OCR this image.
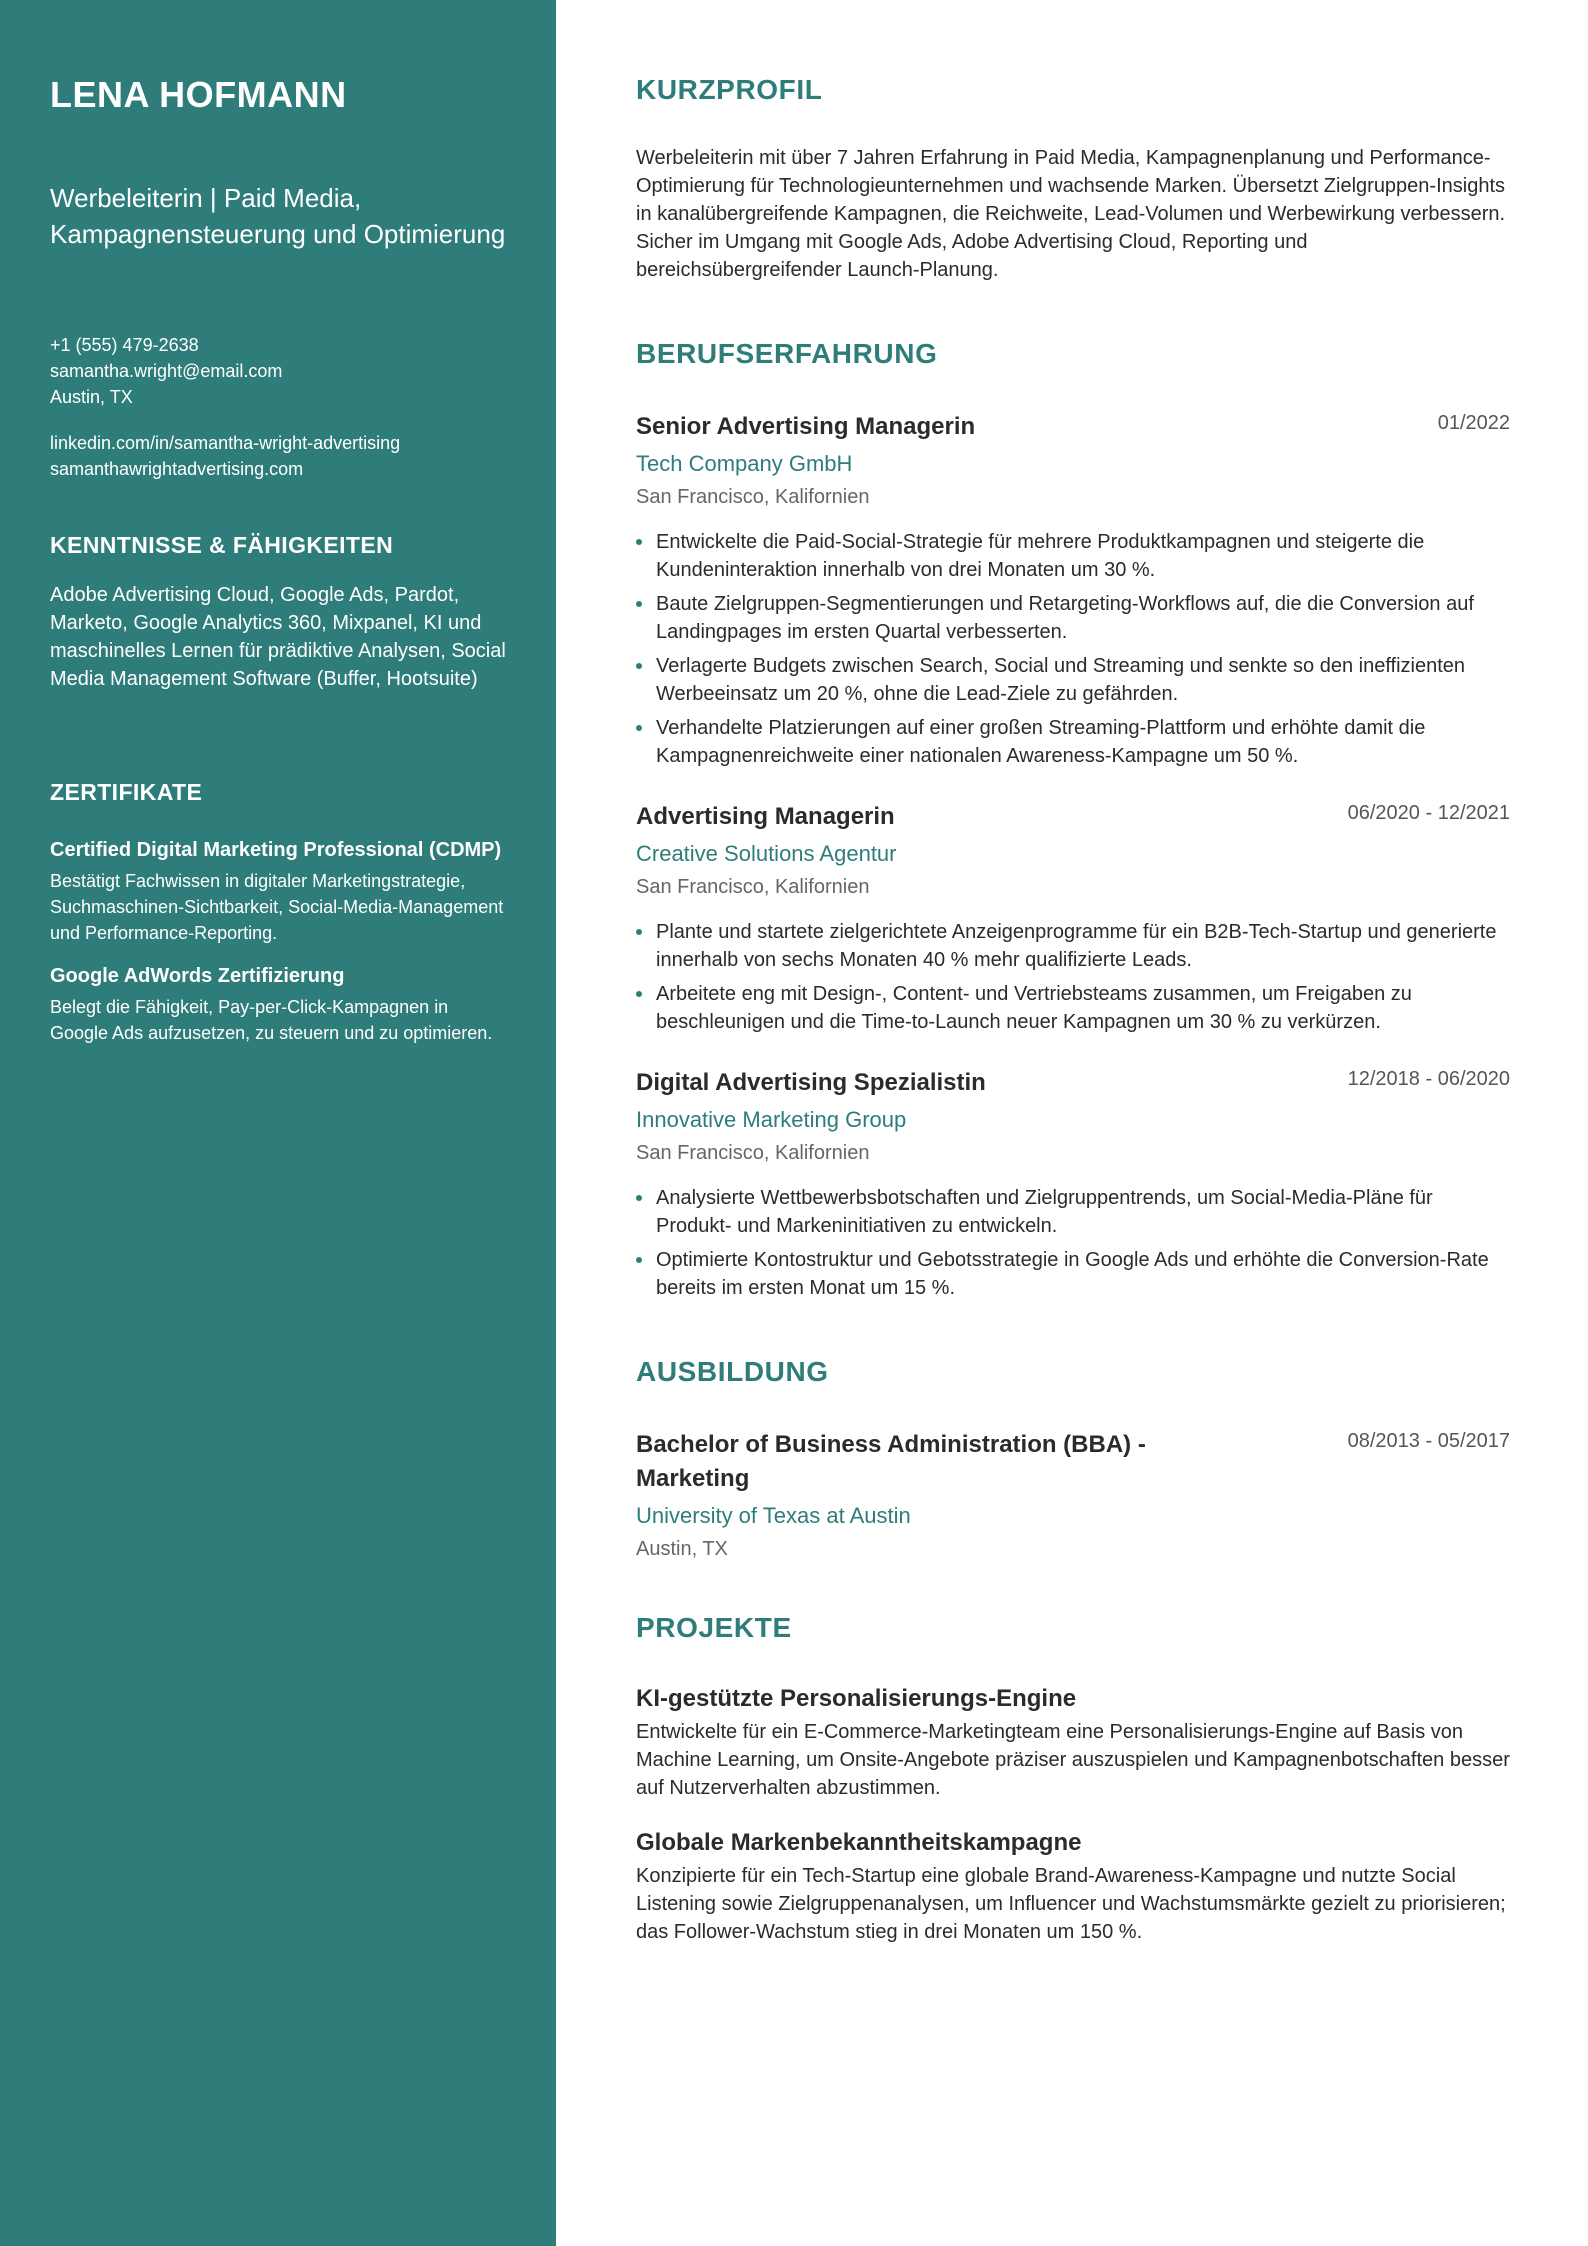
LENA HOFMANN
Werbeleiterin | Paid Media, Kampagnensteuerung und Optimierung
+1 (555) 479-2638
samantha.wright@email.com
Austin, TX
linkedin.com/in/samantha-wright-advertising
samanthawrightadvertising.com
KENNTNISSE & FÄHIGKEITEN
Adobe Advertising Cloud, Google Ads, Pardot, Marketo, Google Analytics 360, Mixpanel, KI und maschinelles Lernen für prädiktive Analysen, Social Media Management Software (Buffer, Hootsuite)
ZERTIFIKATE
Certified Digital Marketing Professional (CDMP)
Bestätigt Fachwissen in digitaler Marketingstrategie, Suchmaschinen-Sichtbarkeit, Social-Media-Management und Performance-Reporting.
Google AdWords Zertifizierung
Belegt die Fähigkeit, Pay-per-Click-Kampagnen in Google Ads aufzusetzen, zu steuern und zu optimieren.
KURZPROFIL
Werbeleiterin mit über 7 Jahren Erfahrung in Paid Media, Kampagnenplanung und Performance-Optimierung für Technologieunternehmen und wachsende Marken. Übersetzt Zielgruppen-Insights in kanalübergreifende Kampagnen, die Reichweite, Lead-Volumen und Werbewirkung verbessern. Sicher im Umgang mit Google Ads, Adobe Advertising Cloud, Reporting und bereichsübergreifender Launch-Planung.
BERUFSERFAHRUNG
Senior Advertising Managerin	01/2022
Tech Company GmbH
San Francisco, Kalifornien
Entwickelte die Paid-Social-Strategie für mehrere Produktkampagnen und steigerte die Kundeninteraktion innerhalb von drei Monaten um 30 %.
Baute Zielgruppen-Segmentierungen und Retargeting-Workflows auf, die die Conversion auf Landingpages im ersten Quartal verbesserten.
Verlagerte Budgets zwischen Search, Social und Streaming und senkte so den ineffizienten Werbeeinsatz um 20 %, ohne die Lead-Ziele zu gefährden.
Verhandelte Platzierungen auf einer großen Streaming-Plattform und erhöhte damit die Kampagnenreichweite einer nationalen Awareness-Kampagne um 50 %.
Advertising Managerin	06/2020 - 12/2021
Creative Solutions Agentur
San Francisco, Kalifornien
Plante und startete zielgerichtete Anzeigenprogramme für ein B2B-Tech-Startup und generierte innerhalb von sechs Monaten 40 % mehr qualifizierte Leads.
Arbeitete eng mit Design-, Content- und Vertriebsteams zusammen, um Freigaben zu beschleunigen und die Time-to-Launch neuer Kampagnen um 30 % zu verkürzen.
Digital Advertising Spezialistin	12/2018 - 06/2020
Innovative Marketing Group
San Francisco, Kalifornien
Analysierte Wettbewerbsbotschaften und Zielgruppentrends, um Social-Media-Pläne für Produkt- und Markeninitiativen zu entwickeln.
Optimierte Kontostruktur und Gebotsstrategie in Google Ads und erhöhte die Conversion-Rate bereits im ersten Monat um 15 %.
AUSBILDUNG
Bachelor of Business Administration (BBA) - Marketing
08/2013 - 05/2017
University of Texas at Austin
Austin, TX
PROJEKTE
KI-gestützte Personalisierungs-Engine
Entwickelte für ein E-Commerce-Marketingteam eine Personalisierungs-Engine auf Basis von Machine Learning, um Onsite-Angebote präziser auszuspielen und Kampagnenbotschaften besser auf Nutzerverhalten abzustimmen.
Globale Markenbekanntheitskampagne
Konzipierte für ein Tech-Startup eine globale Brand-Awareness-Kampagne und nutzte Social Listening sowie Zielgruppenanalysen, um Influencer und Wachstumsmärkte gezielt zu priorisieren; das Follower-Wachstum stieg in drei Monaten um 150 %.
